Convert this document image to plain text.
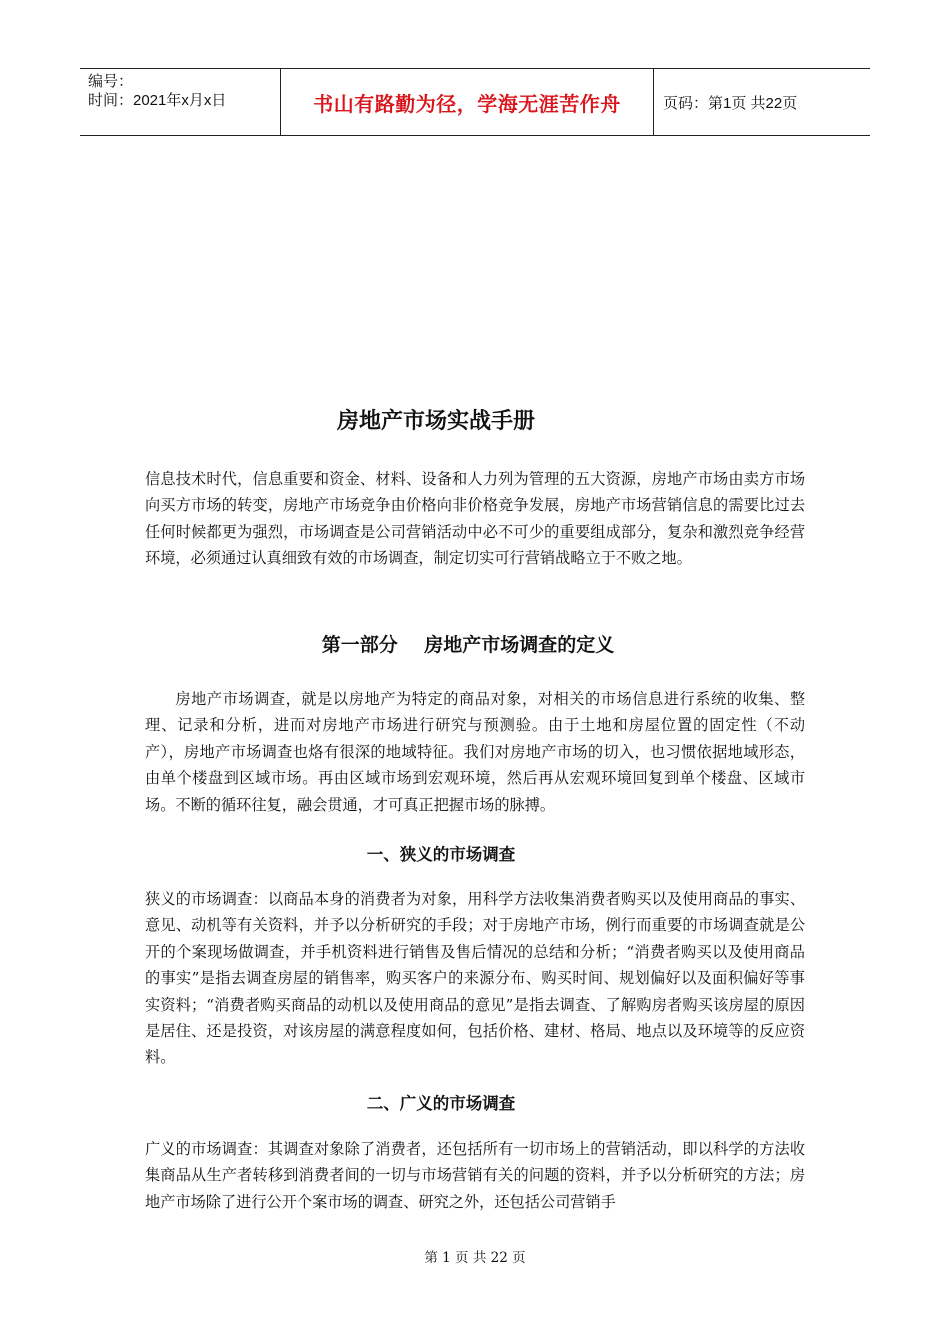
编号：
时间：2021年x月x日	书山有路勤为径，学海无涯苦作舟	页码：第1页 共22页
房地产市场实战手册

信息技术时代，信息重要和资金、材料、设备和人力列为管理的五大资源，房地产市场由卖方市场向买方市场的转变，房地产市场竞争由价格向非价格竞争发展，房地产市场营销信息的需要比过去任何时候都更为强烈，市场调查是公司营销活动中必不可少的重要组成部分，复杂和激烈竞争经营环境，必须通过认真细致有效的市场调查，制定切实可行营销战略立于不败之地。

第一部分    房地产市场调查的定义

房地产市场调查，就是以房地产为特定的商品对象，对相关的市场信息进行系统的收集、整理、记录和分析，进而对房地产市场进行研究与预测验。由于土地和房屋位置的固定性（不动产），房地产市场调查也烙有很深的地域特征。我们对房地产市场的切入，也习惯依据地域形态，由单个楼盘到区域市场。再由区域市场到宏观环境，然后再从宏观环境回复到单个楼盘、区域市场。不断的循环往复，融会贯通，才可真正把握市场的脉搏。

一、狭义的市场调查

狭义的市场调查：以商品本身的消费者为对象，用科学方法收集消费者购买以及使用商品的事实、意见、动机等有关资料，并予以分析研究的手段；对于房地产市场，例行而重要的市场调查就是公开的个案现场做调查，并手机资料进行销售及售后情况的总结和分析；“消费者购买以及使用商品的事实”是指去调查房屋的销售率，购买客户的来源分布、购买时间、规划偏好以及面积偏好等事实资料；“消费者购买商品的动机以及使用商品的意见”是指去调查、了解购房者购买该房屋的原因是居住、还是投资，对该房屋的满意程度如何，包括价格、建材、格局、地点以及环境等的反应资料。

二、广义的市场调查

广义的市场调查：其调查对象除了消费者，还包括所有一切市场上的营销活动，即以科学的方法收集商品从生产者转移到消费者间的一切与市场营销有关的问题的资料，并予以分析研究的方法；房地产市场除了进行公开个案市场的调查、研究之外，还包括公司营销手

第 1 页 共 22 页
